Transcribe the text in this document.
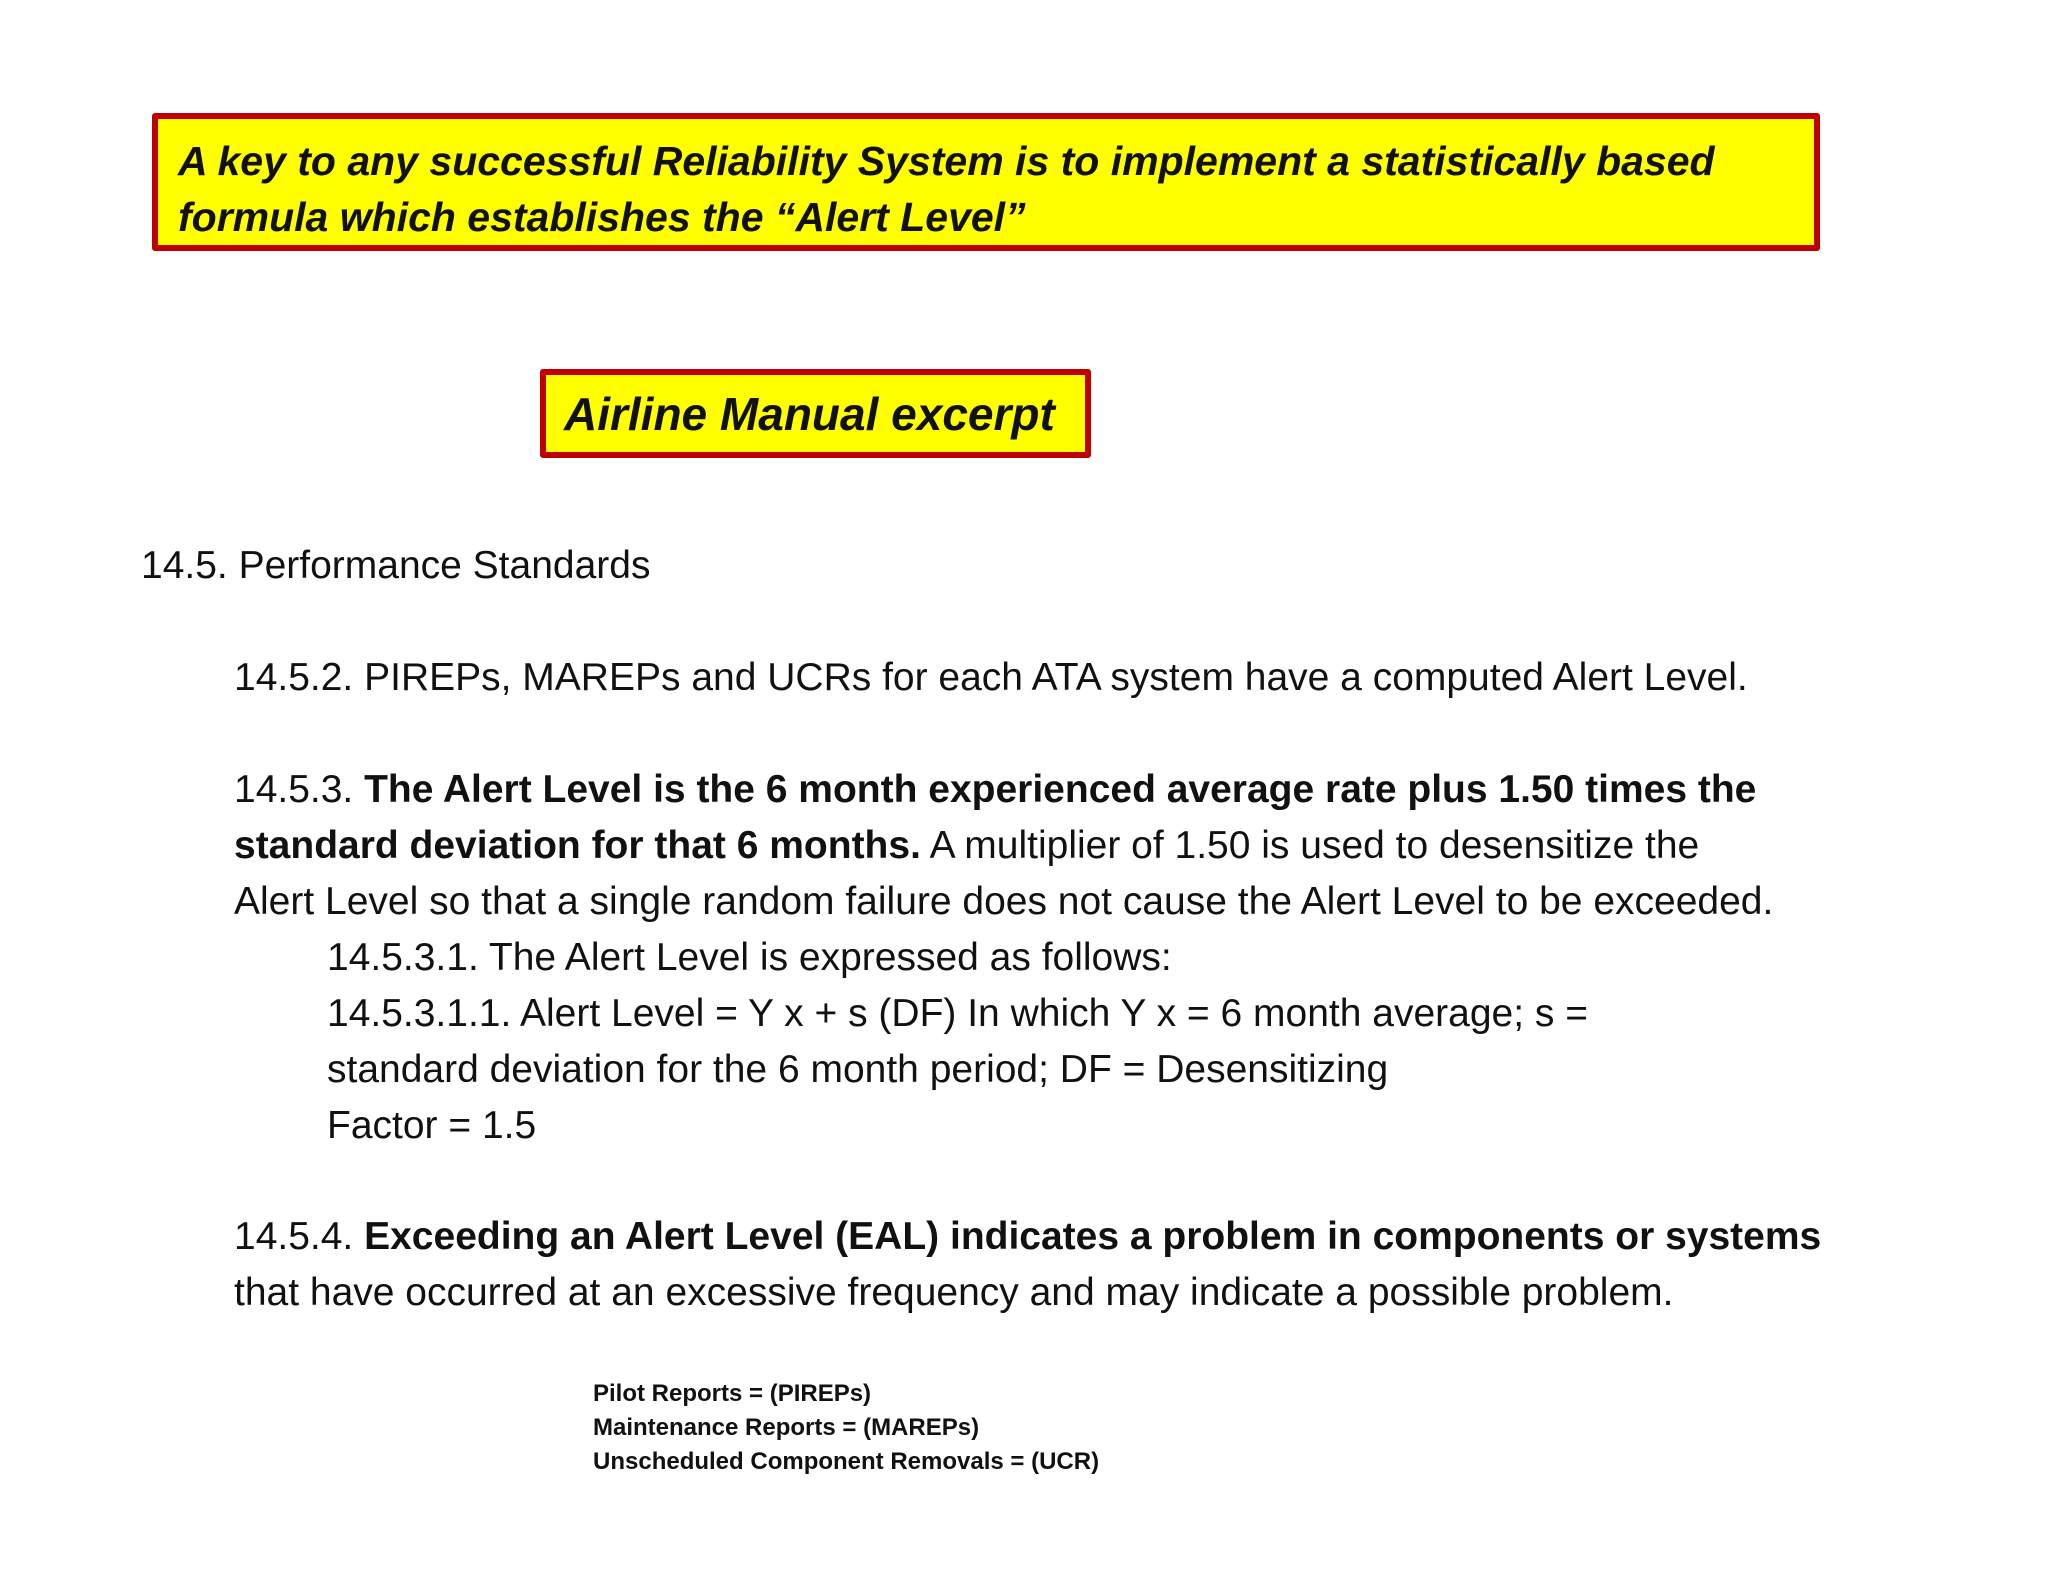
A key to any successful Reliability System is to implement a statistically based
formula which establishes the “Alert Level”
Airline Manual excerpt
14.5. Performance Standards
14.5.2. PIREPs, MAREPs and UCRs for each ATA system have a computed Alert Level.
14.5.3. The Alert Level is the 6 month experienced average rate plus 1.50 times the
standard deviation for that 6 months. A multiplier of 1.50 is used to desensitize the
Alert Level so that a single random failure does not cause the Alert Level to be exceeded.
14.5.3.1. The Alert Level is expressed as follows:
14.5.3.1.1. Alert Level = Y x + s (DF) In which Y x = 6 month average; s =
standard deviation for the 6 month period; DF = Desensitizing
Factor = 1.5
14.5.4. Exceeding an Alert Level (EAL) indicates a problem in components or systems
that have occurred at an excessive frequency and may indicate a possible problem.
Pilot Reports = (PIREPs)
Maintenance Reports = (MAREPs)
Unscheduled Component Removals = (UCR)
